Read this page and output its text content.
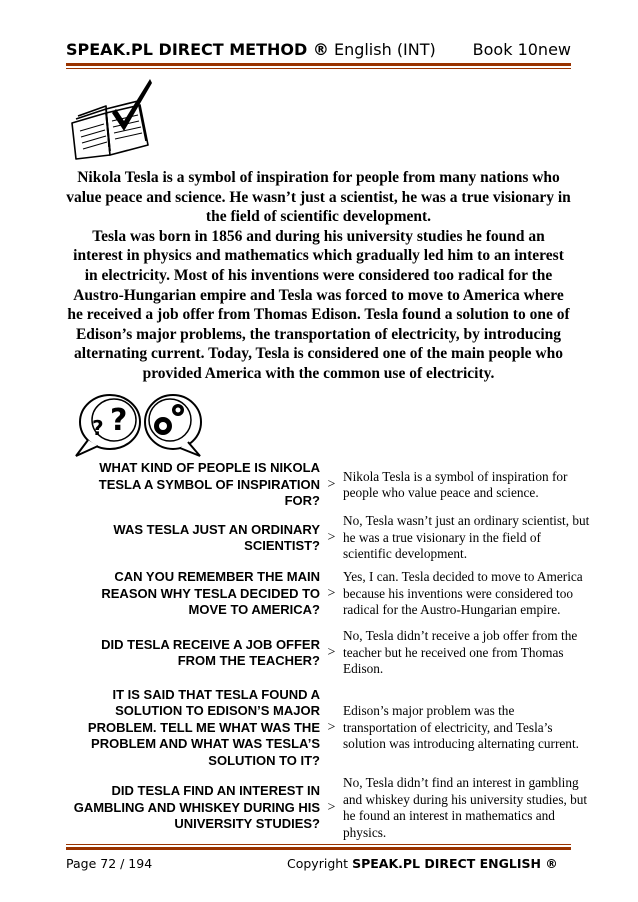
SPEAK.PL DIRECT METHOD ® English (INT) Book 10new

Nikola Tesla is a symbol of inspiration for people from many nations who value peace and science. He wasn’t just a scientist, he was a true visionary in the field of scientific development.

Tesla was born in 1856 and during his university studies he found an interest in physics and mathematics which gradually led him to an interest in electricity. Most of his inventions were considered too radical for the Austro-Hungarian empire and Tesla was forced to move to America where he received a job offer from Thomas Edison. Tesla found a solution to one of Edison’s major problems, the transportation of electricity, by introducing alternating current. Today, Tesla is considered one of the main people who provided America with the common use of electricity.

? ?
WHAT KIND OF PEOPLE IS NIKOLA TESLA A SYMBOL OF INSPIRATION FOR?
>
Nikola Tesla is a symbol of inspiration for people who value peace and science.
WAS TESLA JUST AN ORDINARY SCIENTIST?
>
No, Tesla wasn’t just an ordinary scientist, but he was a true visionary in the field of scientific development.
CAN YOU REMEMBER THE MAIN REASON WHY TESLA DECIDED TO MOVE TO AMERICA?
>
Yes, I can. Tesla decided to move to America because his inventions were considered too radical for the Austro-Hungarian empire.
DID TESLA RECEIVE A JOB OFFER FROM THE TEACHER?
>
No, Tesla didn’t receive a job offer from the teacher but he received one from Thomas Edison.
IT IS SAID THAT TESLA FOUND A SOLUTION TO EDISON’S MAJOR PROBLEM. TELL ME WHAT WAS THE PROBLEM AND WHAT WAS TESLA’S SOLUTION TO IT?
>
Edison’s major problem was the transportation of electricity, and Tesla’s solution was introducing alternating current.
DID TESLA FIND AN INTEREST IN GAMBLING AND WHISKEY DURING HIS UNIVERSITY STUDIES?
>
No, Tesla didn’t find an interest in gambling and whiskey during his university studies, but he found an interest in mathematics and physics.
Page 72 / 194	Copyright SPEAK.PL DIRECT ENGLISH ®
